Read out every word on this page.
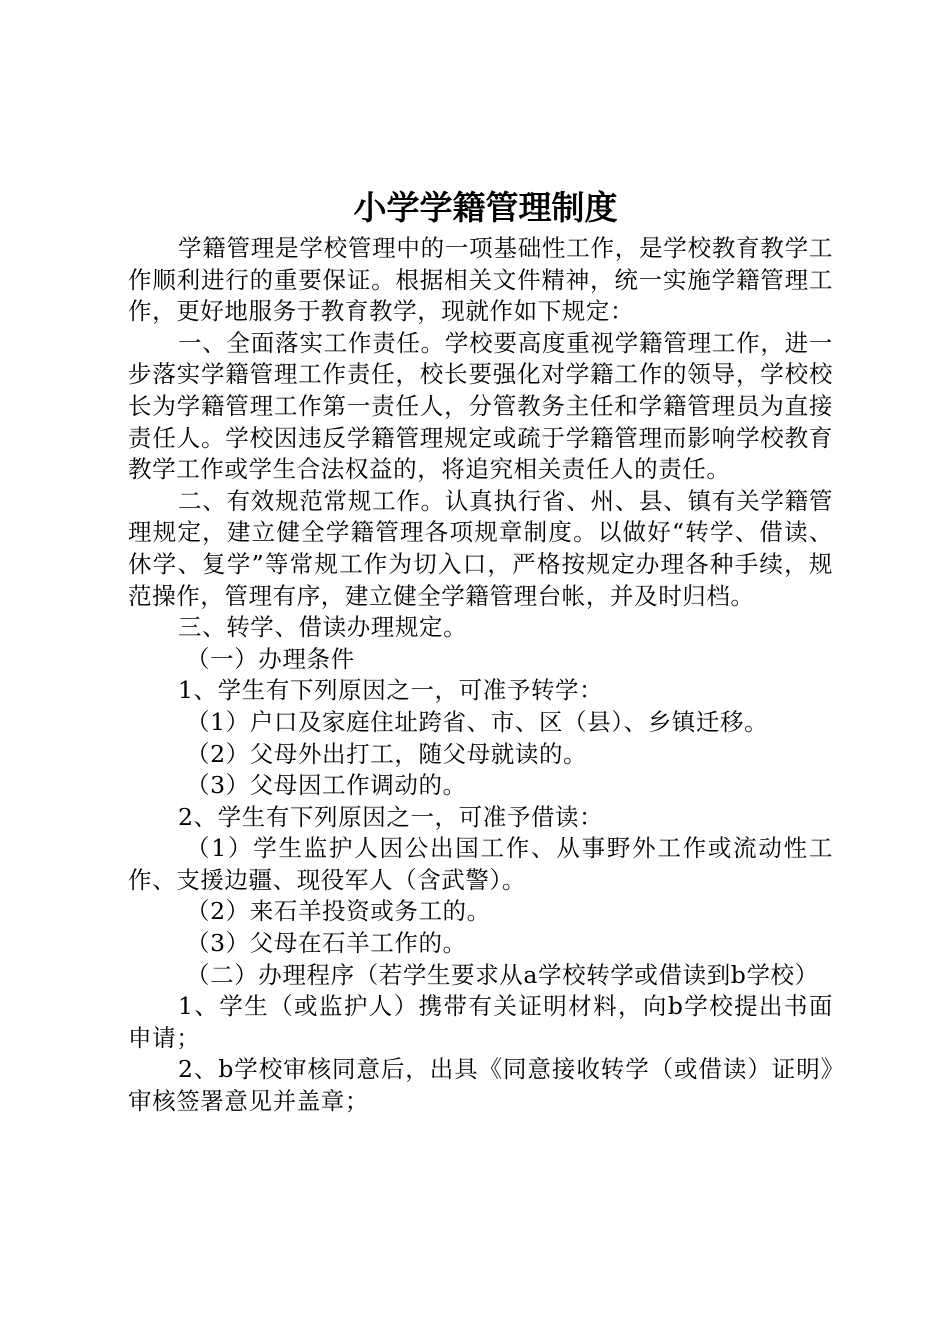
小学学籍管理制度

学籍管理是学校管理中的一项基础性工作，是学校教育教学工作顺利进行的重要保证。根据相关文件精神，统一实施学籍管理工作，更好地服务于教育教学，现就作如下规定：

一、全面落实工作责任。学校要高度重视学籍管理工作，进一步落实学籍管理工作责任，校长要强化对学籍工作的领导，学校校长为学籍管理工作第一责任人，分管教务主任和学籍管理员为直接责任人。学校因违反学籍管理规定或疏于学籍管理而影响学校教育教学工作或学生合法权益的，将追究相关责任人的责任。

二、有效规范常规工作。认真执行省、州、县、镇有关学籍管理规定，建立健全学籍管理各项规章制度。以做好“转学、借读、休学、复学”等常规工作为切入口，严格按规定办理各种手续，规范操作，管理有序，建立健全学籍管理台帐，并及时归档。

三、转学、借读办理规定。

（一）办理条件

1、学生有下列原因之一，可准予转学：

（1）户口及家庭住址跨省、市、区（县）、乡镇迁移。

（2）父母外出打工，随父母就读的。

（3）父母因工作调动的。

2、学生有下列原因之一，可准予借读：

（1）学生监护人因公出国工作、从事野外工作或流动性工作、支援边疆、现役军人（含武警）。

（2）来石羊投资或务工的。

（3）父母在石羊工作的。

（二）办理程序（若学生要求从a学校转学或借读到b学校）

1、学生（或监护人）携带有关证明材料，向b学校提出书面申请；

2、b学校审核同意后，出具《同意接收转学（或借读）证明》审核签署意见并盖章；
